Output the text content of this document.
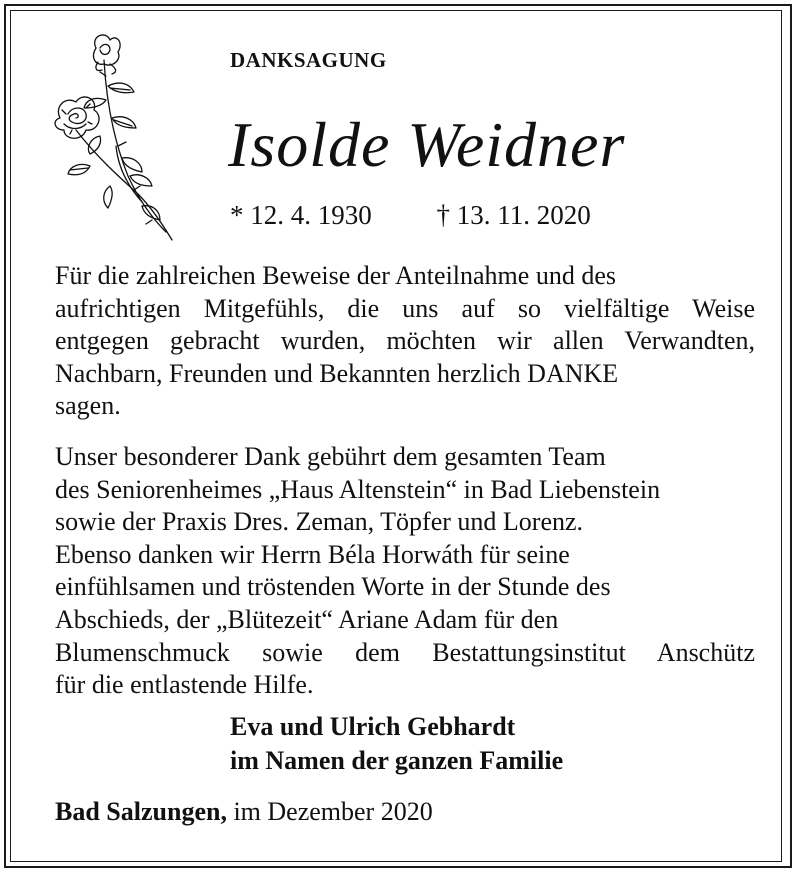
DANKSAGUNG
Isolde Weidner
* 12. 4. 1930 † 13. 11. 2020
Für die zahlreichen Beweise der Anteilnahme und des
aufrichtigen Mitgefühls, die uns auf so vielfältige Weise
entgegen gebracht wurden, möchten wir allen Verwandten,
Nachbarn, Freunden und Bekannten herzlich DANKE
sagen.
Unser besonderer Dank gebührt dem gesamten Team
des Seniorenheimes „Haus Altenstein“ in Bad Liebenstein
sowie der Praxis Dres. Zeman, Töpfer und Lorenz.
Ebenso danken wir Herrn Béla Horwáth für seine
einfühlsamen und tröstenden Worte in der Stunde des
Abschieds, der „Blütezeit“ Ariane Adam für den
Blumenschmuck sowie dem Bestattungsinstitut Anschütz
für die entlastende Hilfe.
Eva und Ulrich Gebhardt
im Namen der ganzen Familie
Bad Salzungen, im Dezember 2020
